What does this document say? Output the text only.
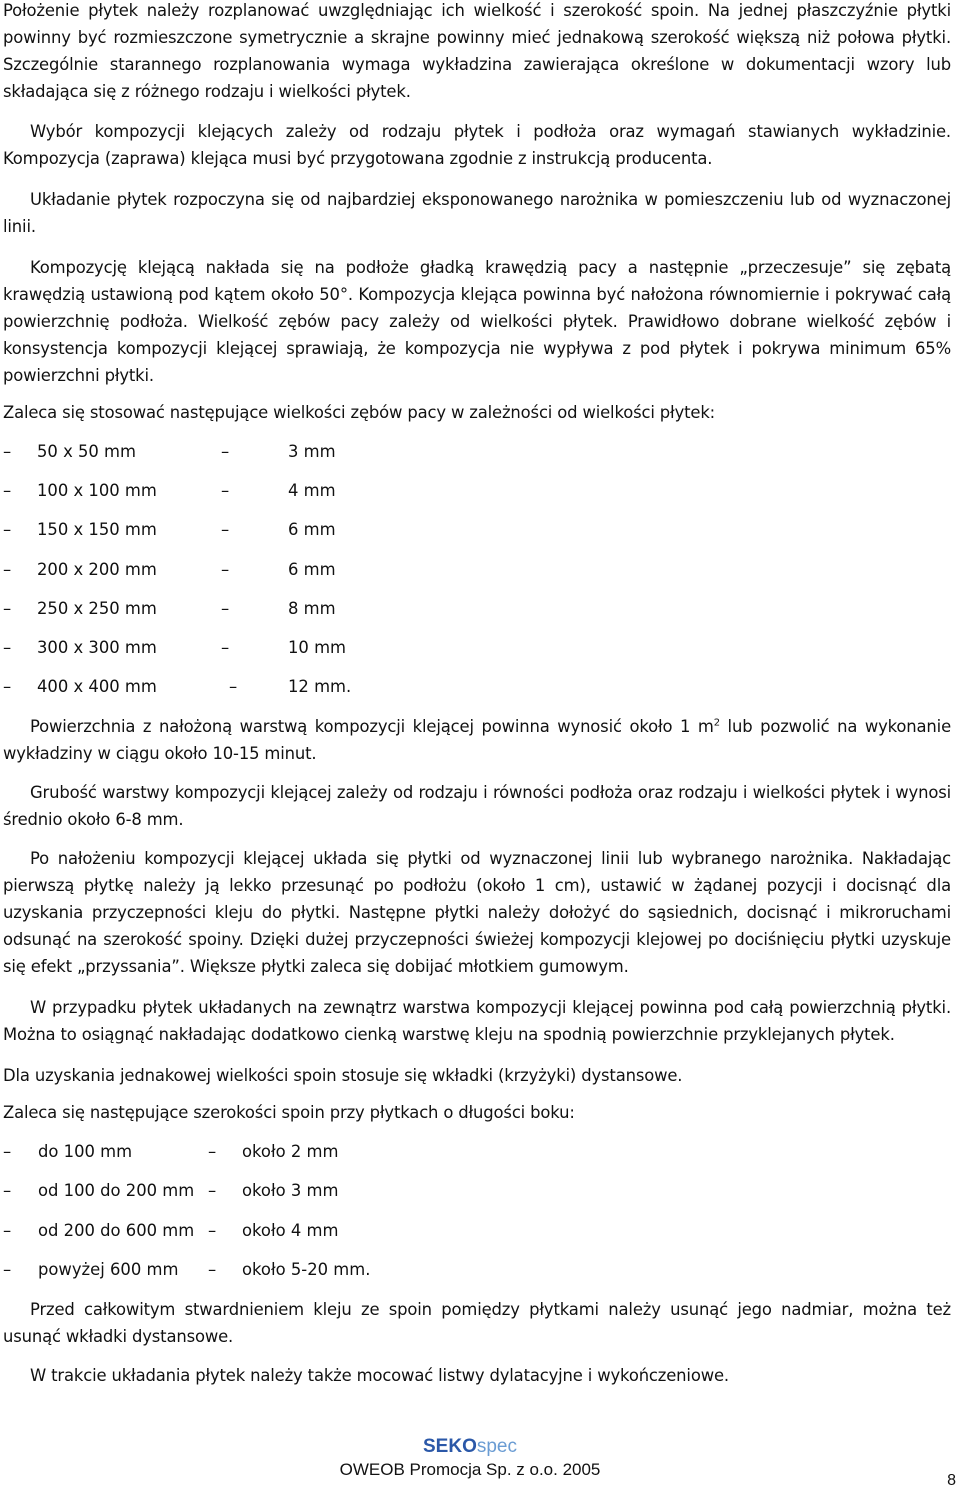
Położenie płytek należy rozplanować uwzględniając ich wielkość i szerokość spoin. Na jednej płaszczyźnie płytki powinny być rozmieszczone symetrycznie a skrajne powinny mieć jednakową szerokość większą niż połowa płytki. Szczególnie starannego rozplanowania wymaga wykładzina zawierająca określone w dokumentacji wzory lub składająca się z różnego rodzaju i wielkości płytek.

Wybór kompozycji klejących zależy od rodzaju płytek i podłoża oraz wymagań stawianych wykładzinie. Kompozycja (zaprawa) klejąca musi być przygotowana zgodnie z instrukcją producenta.

Układanie płytek rozpoczyna się od najbardziej eksponowanego narożnika w pomieszczeniu lub od wyznaczonej linii.

Kompozycję klejącą nakłada się na podłoże gładką krawędzią pacy a następnie „przeczesuje” się zębatą krawędzią ustawioną pod kątem około 50°. Kompozycja klejąca powinna być nałożona równomiernie i pokrywać całą powierzchnię podłoża. Wielkość zębów pacy zależy od wielkości płytek. Prawidłowo dobrane wielkość zębów i konsystencja kompozycji klejącej sprawiają, że kompozycja nie wypływa z pod płytek i pokrywa minimum 65% powierzchni płytki.

Zaleca się stosować następujące wielkości zębów pacy w zależności od wielkości płytek:

– 50 x 50 mm	–	3 mm
– 100 x 100 mm	–	4 mm
– 150 x 150 mm	–	6 mm
– 200 x 200 mm	–	6 mm
– 250 x 250 mm	–	8 mm
– 300 x 300 mm	–	10 mm
– 400 x 400 mm	–	12 mm.

Powierzchnia z nałożoną warstwą kompozycji klejącej powinna wynosić około 1 $m^2$ lub pozwolić na wykonanie wykładziny w ciągu około 10-15 minut.

Grubość warstwy kompozycji klejącej zależy od rodzaju i równości podłoża oraz rodzaju i wielkości płytek i wynosi średnio około 6-8 mm.

Po nałożeniu kompozycji klejącej układa się płytki od wyznaczonej linii lub wybranego narożnika. Nakładając pierwszą płytkę należy ją lekko przesunąć po podłożu (około 1 cm), ustawić w żądanej pozycji i docisnąć dla uzyskania przyczepności kleju do płytki. Następne płytki należy dołożyć do sąsiednich, docisnąć i mikroruchami odsunąć na szerokość spoiny. Dzięki dużej przyczepności świeżej kompozycji klejowej po dociśnięciu płytki uzyskuje się efekt „przyssania”. Większe płytki zaleca się dobijać młotkiem gumowym.

W przypadku płytek układanych na zewnątrz warstwa kompozycji klejącej powinna pod całą powierzchnią płytki. Można to osiągnąć nakładając dodatkowo cienką warstwę kleju na spodnią powierzchnie przyklejanych płytek.

Dla uzyskania jednakowej wielkości spoin stosuje się wkładki (krzyżyki) dystansowe.

Zaleca się następujące szerokości spoin przy płytkach o długości boku:

– do 100 mm	– około 2 mm
– od 100 do 200 mm – około 3 mm
– od 200 do 600 mm – około 4 mm
– powyżej 600 mm – około 5-20 mm.

Przed całkowitym stwardnieniem kleju ze spoin pomiędzy płytkami należy usunąć jego nadmiar, można też usunąć wkładki dystansowe.

W trakcie układania płytek należy także mocować listwy dylatacyjne i wykończeniowe.

SEKOspec
OWEOB Promocja Sp. z o.o. 2005
8
